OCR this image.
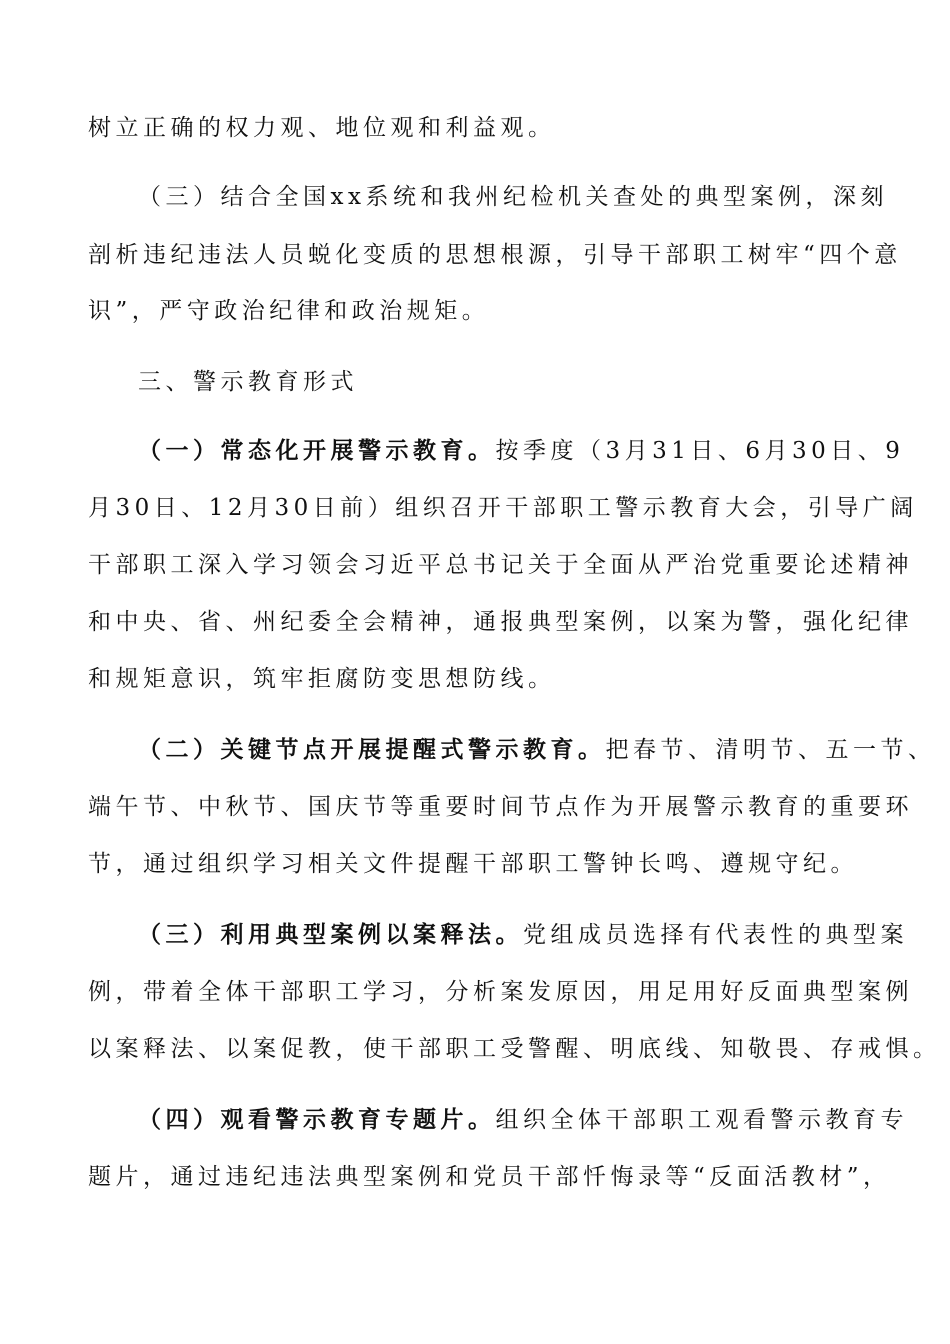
树立正确的权力观、地位观和利益观。
（三）结合全国xx系统和我州纪检机关查处的典型案例，深刻
剖析违纪违法人员蜕化变质的思想根源，引导干部职工树牢“四个意
识”，严守政治纪律和政治规矩。
三、警示教育形式
（一）常态化开展警示教育。按季度（3月31日、6月30日、9
月30日、12月30日前）组织召开干部职工警示教育大会，引导广阔
干部职工深入学习领会习近平总书记关于全面从严治党重要论述精神
和中央、省、州纪委全会精神，通报典型案例，以案为警，强化纪律
和规矩意识，筑牢拒腐防变思想防线。
（二）关键节点开展提醒式警示教育。把春节、清明节、五一节、
端午节、中秋节、国庆节等重要时间节点作为开展警示教育的重要环
节，通过组织学习相关文件提醒干部职工警钟长鸣、遵规守纪。
（三）利用典型案例以案释法。党组成员选择有代表性的典型案
例，带着全体干部职工学习，分析案发原因，用足用好反面典型案例
以案释法、以案促教，使干部职工受警醒、明底线、知敬畏、存戒惧。
（四）观看警示教育专题片。组织全体干部职工观看警示教育专
题片，通过违纪违法典型案例和党员干部忏悔录等“反面活教材”，
